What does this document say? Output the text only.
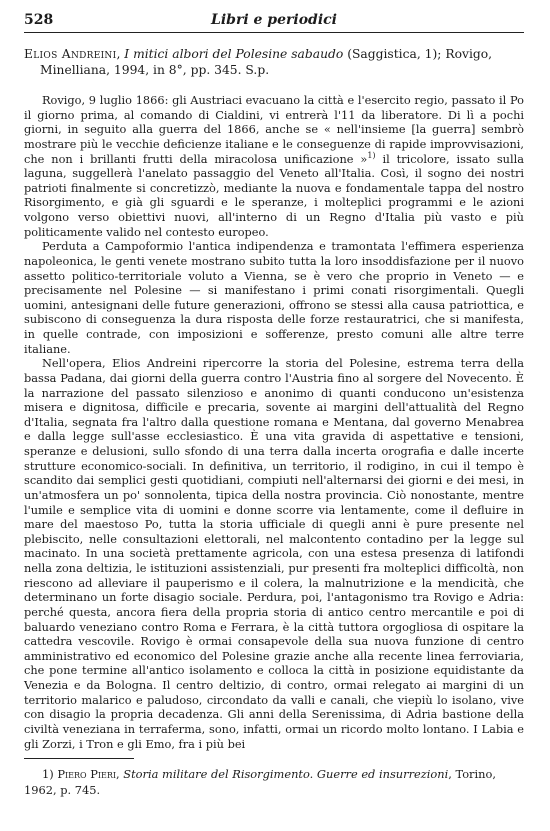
528	Libri e periodici
Elios Andreini, I mitici albori del Polesine sabaudo (Saggistica, 1); Rovigo, Minelliana, 1994, in 8°, pp. 345. S.p.

Rovigo, 9 luglio 1866: gli Austriaci evacuano la città e l'esercito regio, passato il Po il giorno prima, al comando di Cialdini, vi entrerà l'11 da liberatore. Di lì a pochi giorni, in seguito alla guerra del 1866, anche se « nell'insieme [la guerra] sembrò mostrare più le vecchie deficienze italiane e le conseguenze di rapide improvvisazioni, che non i brillanti frutti della miracolosa unificazione »$^{1)}$ il tricolore, issato sulla laguna, suggellerà l'anelato passaggio del Veneto all'Italia. Così, il sogno dei nostri patrioti finalmente si concretizzò, mediante la nuova e fondamentale tappa del nostro Risorgimento, e già gli sguardi e le speranze, i molteplici programmi e le azioni volgono verso obiettivi nuovi, all'interno di un Regno d'Italia più vasto e più politicamente valido nel contesto europeo.

Perduta a Campoformio l'antica indipendenza e tramontata l'effimera esperienza napoleonica, le genti venete mostrano subito tutta la loro insoddisfazione per il nuovo assetto politico-territoriale voluto a Vienna, se è vero che proprio in Veneto — e precisamente nel Polesine — si manifestano i primi conati risorgimentali. Quegli uomini, antesignani delle future generazioni, offrono se stessi alla causa patriottica, e subiscono di conseguenza la dura risposta delle forze restauratrici, che si manifesta, in quelle contrade, con imposizioni e sofferenze, presto comuni alle altre terre italiane.

Nell'opera, Elios Andreini ripercorre la storia del Polesine, estrema terra della bassa Padana, dai giorni della guerra contro l'Austria fino al sorgere del Novecento. È la narrazione del passato silenzioso e anonimo di quanti conducono un'esistenza misera e dignitosa, difficile e precaria, sovente ai margini dell'attualità del Regno d'Italia, segnata fra l'altro dalla questione romana e Mentana, dal governo Menabrea e dalla legge sull'asse ecclesiastico. È una vita gravida di aspettative e tensioni, speranze e delusioni, sullo sfondo di una terra dalla incerta orografia e dalle incerte strutture economico-sociali. In definitiva, un territorio, il rodigino, in cui il tempo è scandito dai semplici gesti quotidiani, compiuti nell'alternarsi dei giorni e dei mesi, in un'atmosfera un po' sonnolenta, tipica della nostra provincia. Ciò nonostante, mentre l'umile e semplice vita di uomini e donne scorre via lentamente, come il defluire in mare del maestoso Po, tutta la storia ufficiale di quegli anni è pure presente nel plebiscito, nelle consultazioni elettorali, nel malcontento contadino per la legge sul macinato. In una società prettamente agricola, con una estesa presenza di latifondi nella zona deltizia, le istituzioni assistenziali, pur presenti fra molteplici difficoltà, non riescono ad alleviare il pauperismo e il colera, la malnutrizione e la mendicità, che determinano un forte disagio sociale. Perdura, poi, l'antagonismo tra Rovigo e Adria: perché questa, ancora fiera della propria storia di antico centro mercantile e poi di baluardo veneziano contro Roma e Ferrara, è la città tuttora orgogliosa di ospitare la cattedra vescovile. Rovigo è ormai consapevole della sua nuova funzione di centro amministrativo ed economico del Polesine grazie anche alla recente linea ferroviaria, che pone termine all'antico isolamento e colloca la città in posizione equidistante da Venezia e da Bologna. Il centro deltizio, di contro, ormai relegato ai margini di un territorio malarico e paludoso, circondato da valli e canali, che viepiù lo isolano, vive con disagio la propria decadenza. Gli anni della Serenissima, di Adria bastione della civiltà veneziana in terraferma, sono, infatti, ormai un ricordo molto lontano. I Labia e gli Zorzi, i Tron e gli Emo, fra i più bei

1) Piero Pieri, Storia militare del Risorgimento. Guerre ed insurrezioni, Torino, 1962, p. 745.
